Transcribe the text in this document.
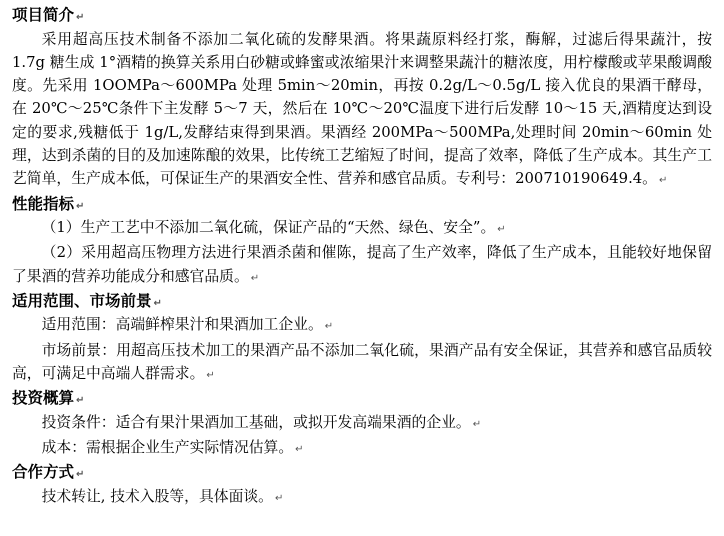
项目简介 ↵

采用超高压技术制备不添加二氧化硫的发酵果酒。将果蔬原料经打浆，酶解，过滤后得果蔬汁，按 1.7g 糖生成 1°酒精的换算关系用白砂糖或蜂蜜或浓缩果汁来调整果蔬汁的糖浓度，用柠檬酸或苹果酸调酸度。先采用 1OOMPa～600MPa 处理 5min～20min，再按 0.2g/L～0.5g/L 接入优良的果酒干酵母，在 20℃～25℃条件下主发酵 5～7 天，然后在 10℃～20℃温度下进行后发酵 10～15 天,酒精度达到设定的要求,残糖低于 1g/L,发酵结束得到果酒。果酒经 200MPa～500MPa,处理时间 20min～60min 处理，达到杀菌的目的及加速陈酿的效果，比传统工艺缩短了时间，提高了效率，降低了生产成本。其生产工艺简单，生产成本低，可保证生产的果酒安全性、营养和感官品质。专利号：200710190649.4。 ↵

性能指标 ↵

（1）生产工艺中不添加二氧化硫，保证产品的“天然、绿色、安全”。 ↵

（2）采用超高压物理方法进行果酒杀菌和催陈，提高了生产效率，降低了生产成本，且能较好地保留了果酒的营养功能成分和感官品质。 ↵

适用范围、市场前景 ↵

适用范围：高端鲜榨果汁和果酒加工企业。 ↵

市场前景：用超高压技术加工的果酒产品不添加二氧化硫，果酒产品有安全保证，其营养和感官品质较高，可满足中高端人群需求。 ↵

投资概算 ↵

投资条件：适合有果汁果酒加工基础，或拟开发高端果酒的企业。 ↵

成本：需根据企业生产实际情况估算。 ↵

合作方式 ↵

技术转让, 技术入股等，具体面谈。 ↵
